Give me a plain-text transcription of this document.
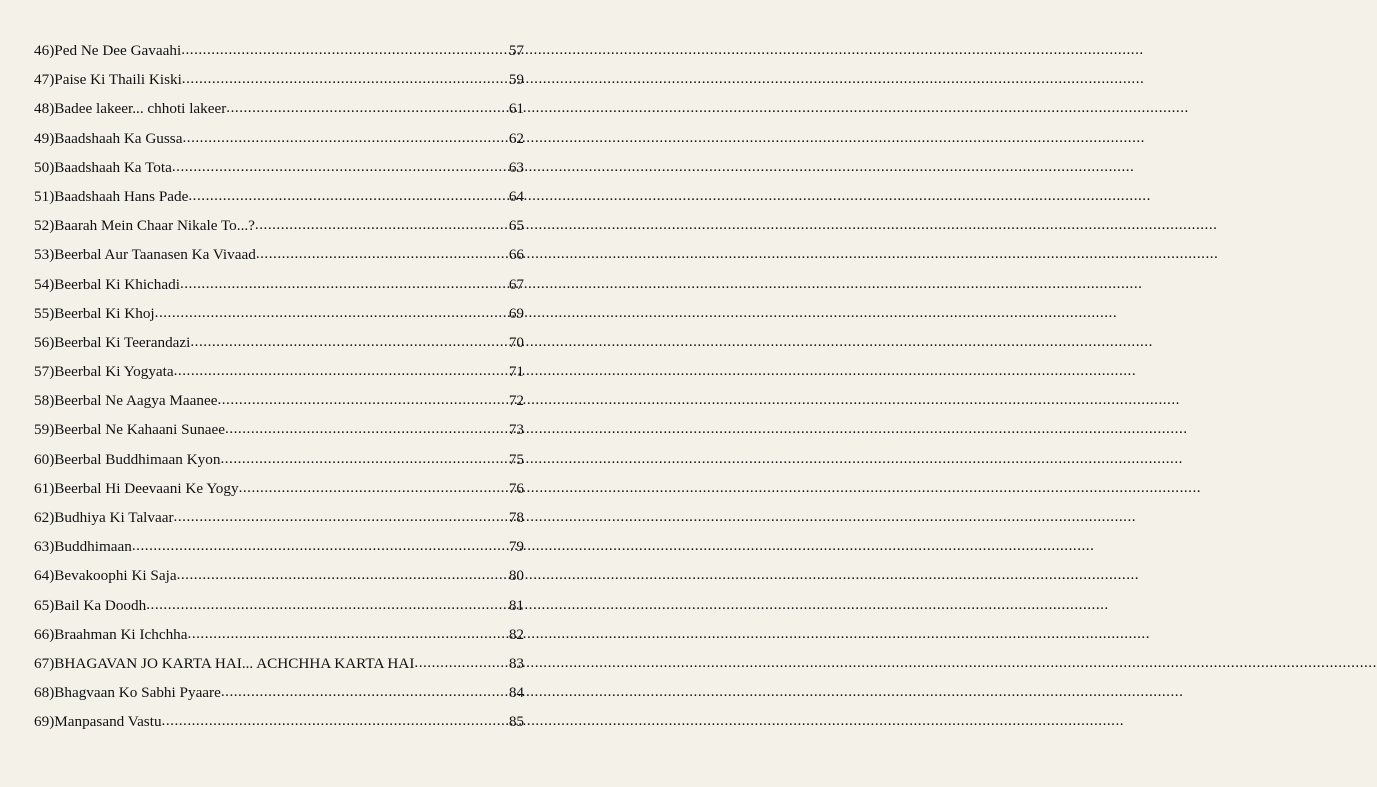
46) Ped Ne Dee Gavaahi .....	57
47) Paise Ki Thaili Kiski .....	59
48) Badee lakeer... chhoti lakeer .....	61
49) Baadshaah Ka Gussa .....	62
50) Baadshaah Ka Tota .....	63
51) Baadshaah Hans Pade .....	64
52) Baarah Mein Chaar Nikale To...? .....	65
53) Beerbal Aur Taanasen Ka Vivaad .....	66
54) Beerbal Ki Khichadi .....	67
55) Beerbal Ki Khoj .....	69
56) Beerbal Ki Teerandazi .....	70
57) Beerbal Ki Yogyata .....	71
58) Beerbal Ne Aagya Maanee .....	72
59) Beerbal Ne Kahaani Sunaee .....	73
60) Beerbal Buddhimaan Kyon .....	75
61) Beerbal Hi Deevaani Ke Yogy .....	76
62) Budhiya Ki Talvaar .....	78
63) Buddhimaan .....	79
64) Bevakoophi Ki Saja .....	80
65) Bail Ka Doodh .....	81
66) Braahman Ki Ichchha .....	82
67) BHAGAVAN JO KARTA HAI... ACHCHHA KARTA HAI .....	83
68) Bhagvaan Ko Sabhi Pyaare .....	84
69) Manpasand Vastu .....	85
